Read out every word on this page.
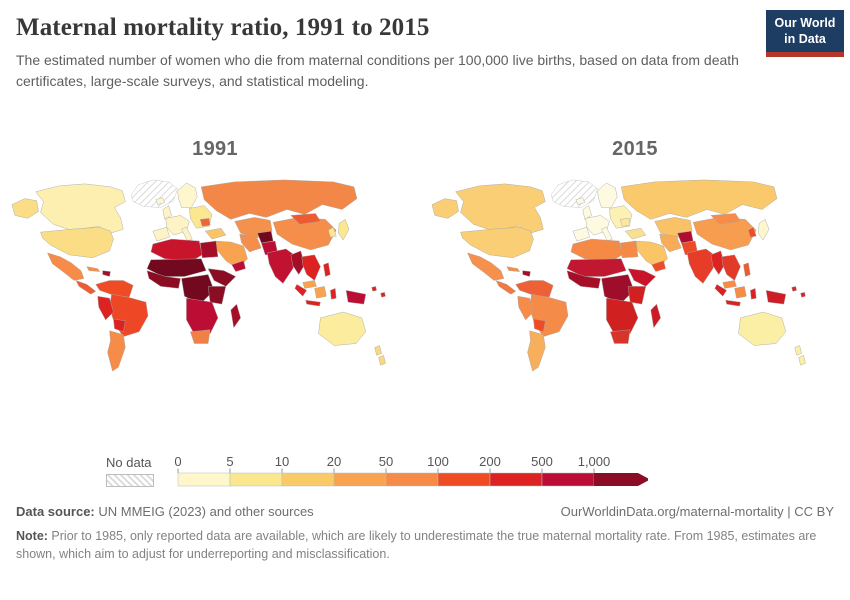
Maternal mortality ratio, 1991 to 2015

The estimated number of women who die from maternal conditions per 100,000 live births, based on data from death certificates, large-scale surveys, and statistical modeling.

Our World
in Data
1991	2015
No data 0	5	10	20	50	100 200 500 1,000
Data source: UN MMEIG (2023) and other sources	OurWorldinData.org/maternal-mortality | CC BY

Note: Prior to 1985, only reported data are available, which are likely to underestimate the true maternal mortality rate. From 1985, estimates are shown, which aim to adjust for underreporting and misclassification.
